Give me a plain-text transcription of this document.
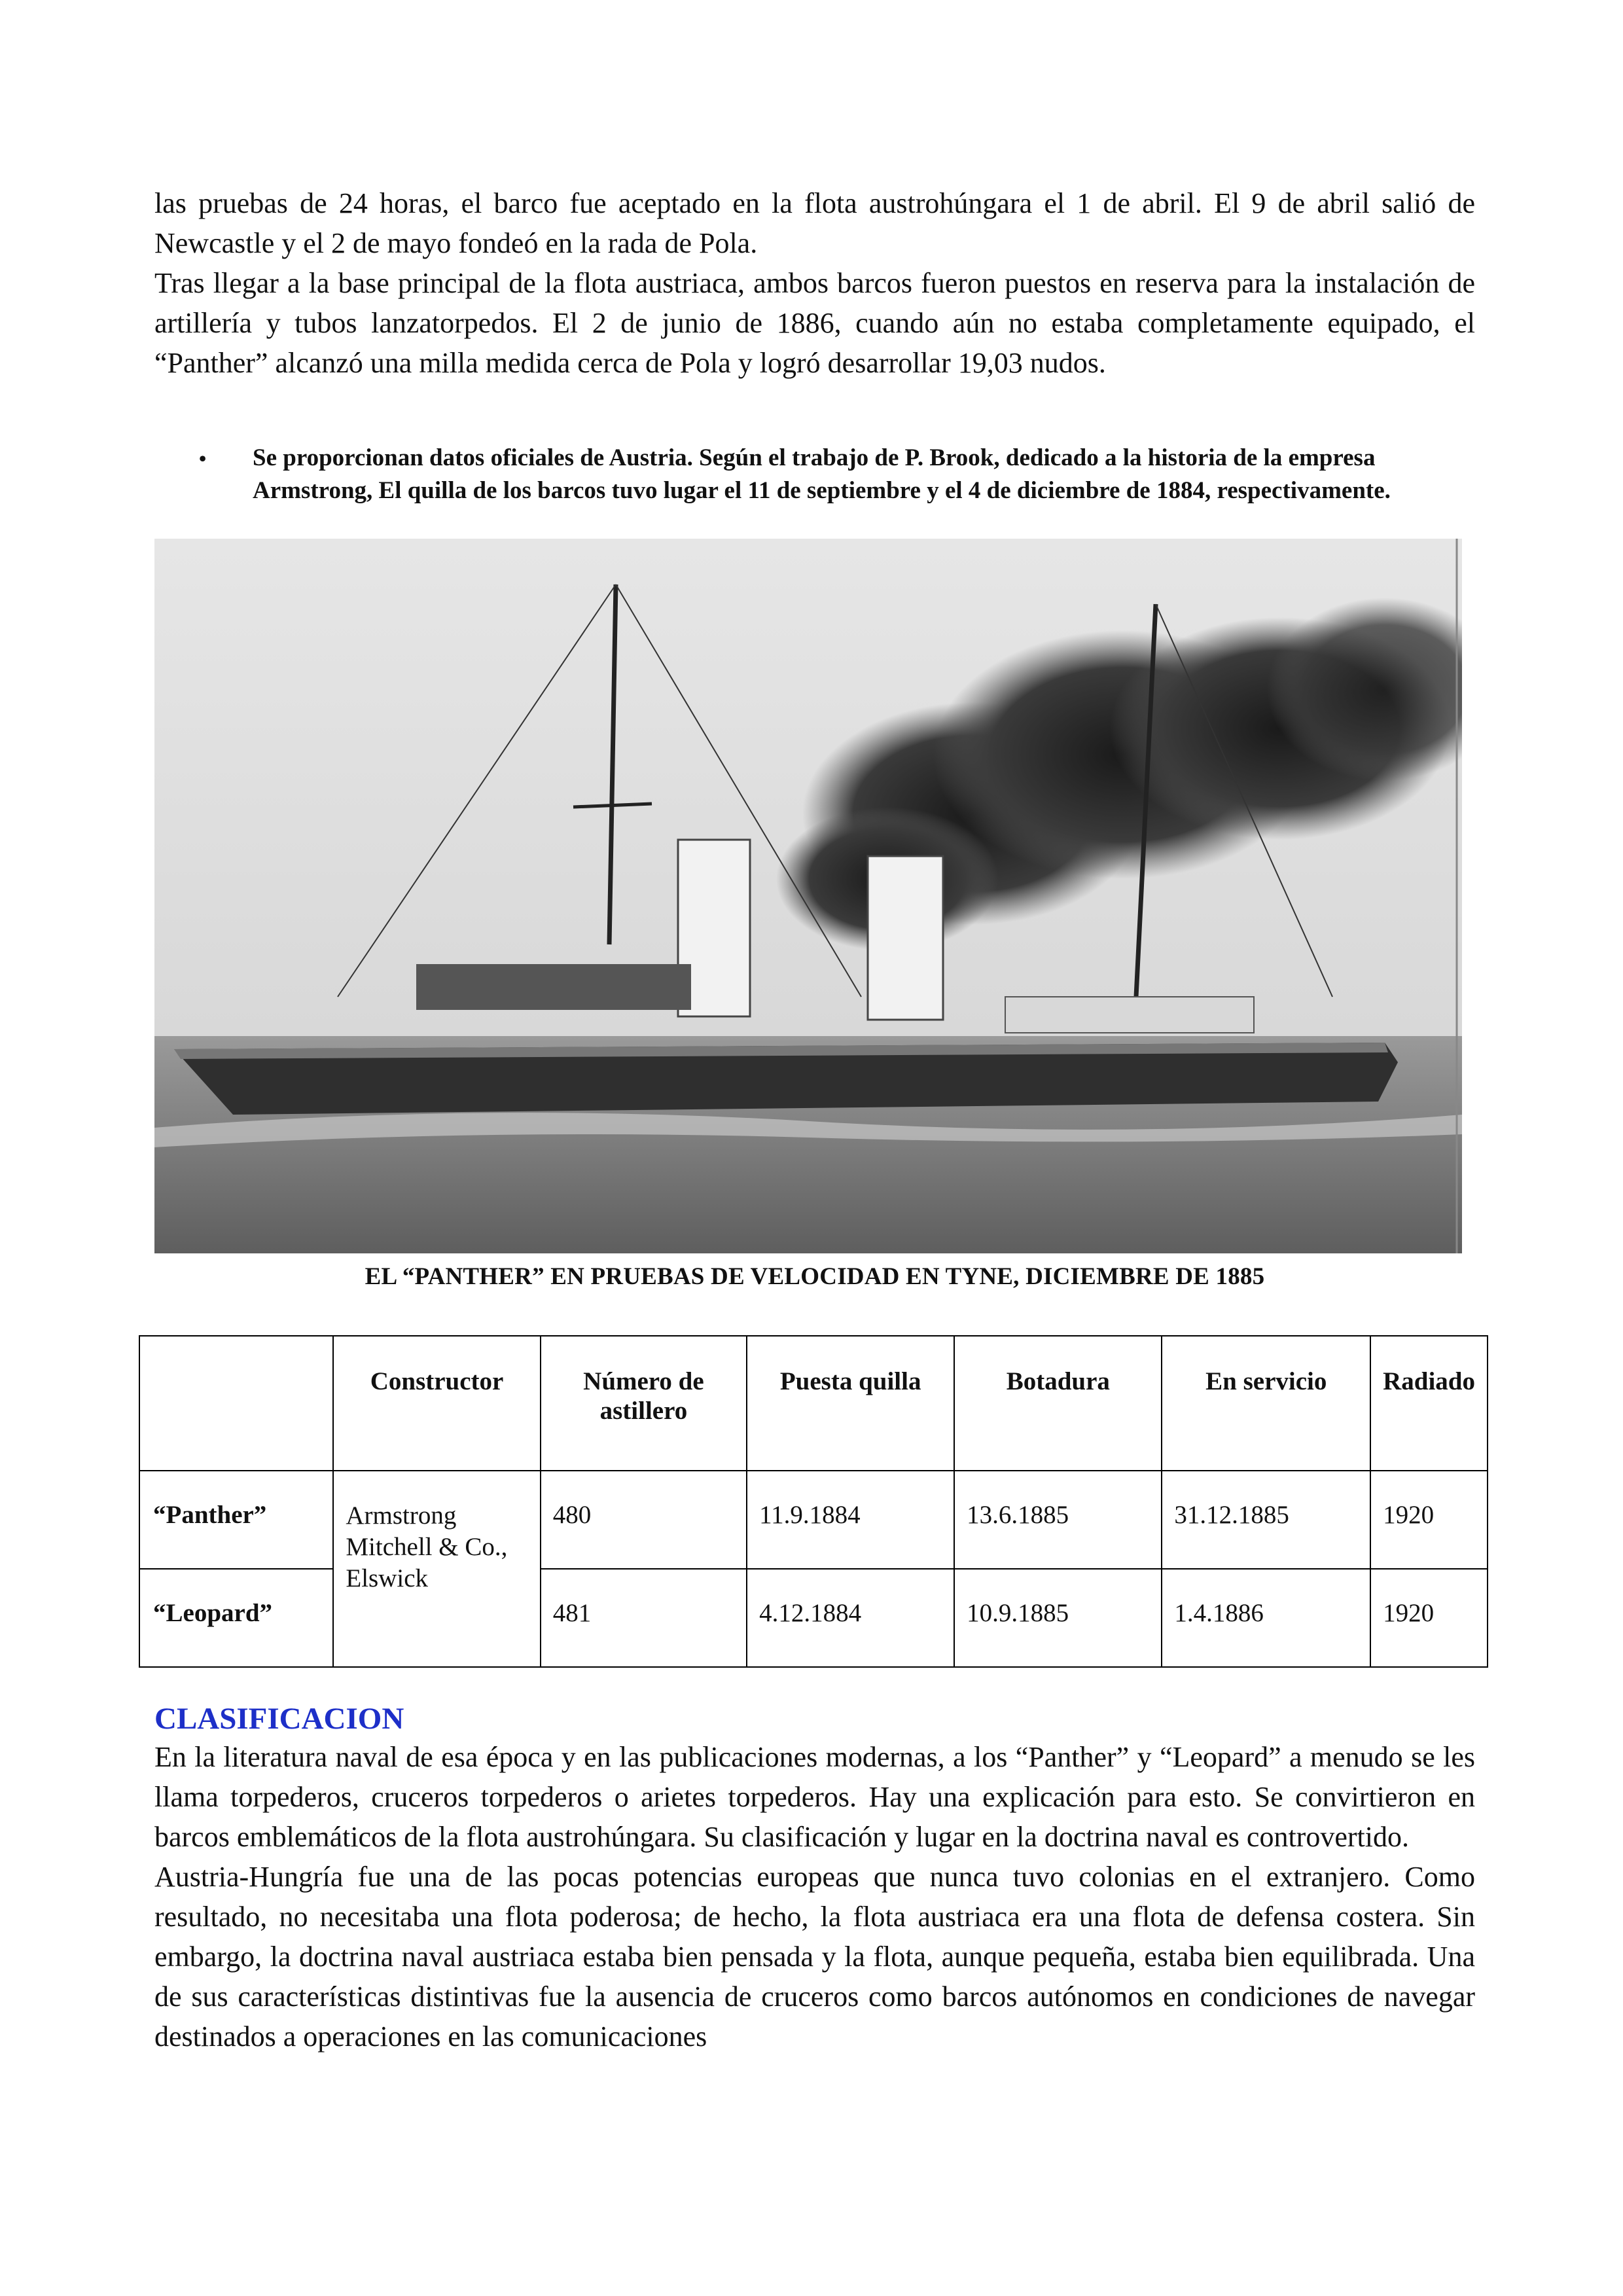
las pruebas de 24 horas, el barco fue aceptado en la flota austrohúngara el 1 de abril. El 9 de abril salió de Newcastle y el 2 de mayo fondeó en la rada de Pola.

Tras llegar a la base principal de la flota austriaca, ambos barcos fueron puestos en reserva para la instalación de artillería y tubos lanzatorpedos. El 2 de junio de 1886, cuando aún no estaba completamente equipado, el “Panther” alcanzó una milla medida cerca de Pola y logró desarrollar 19,03 nudos.

• Se proporcionan datos oficiales de Austria. Según el trabajo de P. Brook, dedicado a la historia de la empresa Armstrong, El quilla de los barcos tuvo lugar el 11 de septiembre y el 4 de diciembre de 1884, respectivamente.

EL “PANTHER” EN PRUEBAS DE VELOCIDAD EN TYNE, DICIEMBRE DE 1885

	Constructor	Número de astillero	Puesta quilla	Botadura	En servicio	Radiado
“Panther”	Armstrong Mitchell & Co., Elswick	480	11.9.1884	13.6.1885	31.12.1885	1920
“Leopard”		481	4.12.1884	10.9.1885	1.4.1886	1920
CLASIFICACION

En la literatura naval de esa época y en las publicaciones modernas, a los “Panther” y “Leopard” a menudo se les llama torpederos, cruceros torpederos o arietes torpederos. Hay una explicación para esto. Se convirtieron en barcos emblemáticos de la flota austrohúngara. Su clasificación y lugar en la doctrina naval es controvertido.

Austria-Hungría fue una de las pocas potencias europeas que nunca tuvo colonias en el extranjero. Como resultado, no necesitaba una flota poderosa; de hecho, la flota austriaca era una flota de defensa costera. Sin embargo, la doctrina naval austriaca estaba bien pensada y la flota, aunque pequeña, estaba bien equilibrada. Una de sus características distintivas fue la ausencia de cruceros como barcos autónomos en condiciones de navegar destinados a operaciones en las comunicaciones
